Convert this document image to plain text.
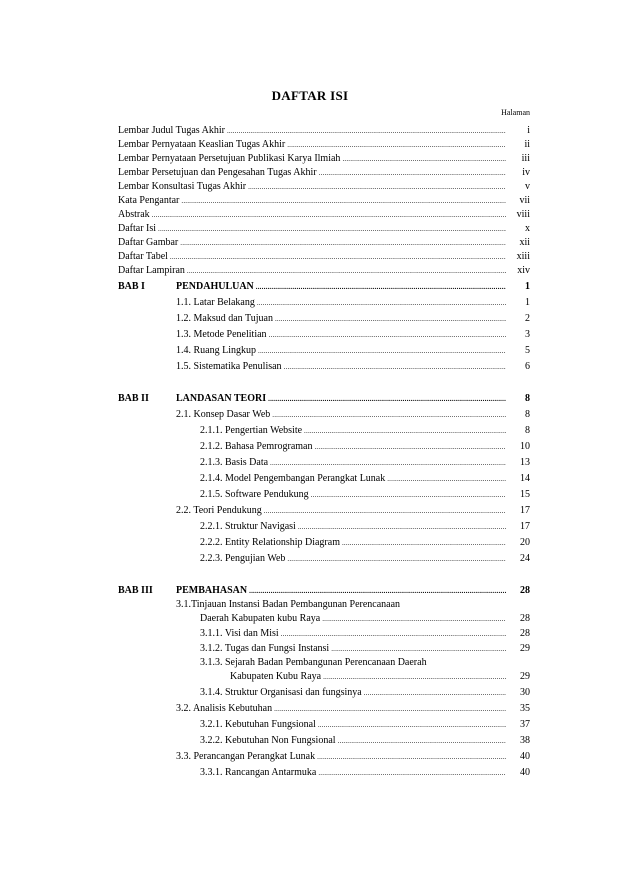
DAFTAR ISI
Halaman
Lembar Judul Tugas Akhir .....	i
Lembar Pernyataan Keaslian Tugas Akhir .....	ii
Lembar Pernyataan Persetujuan Publikasi Karya Ilmiah .....	iii
Lembar Persetujuan dan Pengesahan Tugas Akhir .....	iv
Lembar Konsultasi Tugas Akhir .....	v
Kata Pengantar .....	vii
Abstrak .....	viii
Daftar Isi .....	x
Daftar Gambar .....	xii
Daftar Tabel .....	xiii
Daftar Lampiran .....	xiv
BAB I	PENDAHULUAN .....	1
1.1. Latar Belakang .....	1
1.2. Maksud dan Tujuan .....	2
1.3. Metode Penelitian .....	3
1.4. Ruang Lingkup .....	5
1.5. Sistematika Penulisan .....	6
BAB II	LANDASAN TEORI .....	8
2.1. Konsep Dasar Web .....	8
2.1.1. Pengertian Website .....	8
2.1.2. Bahasa Pemrograman .....	10
2.1.3. Basis Data .....	13
2.1.4. Model Pengembangan Perangkat Lunak .....	14
2.1.5. Software Pendukung .....	15
2.2. Teori Pendukung .....	17
2.2.1. Struktur Navigasi .....	17
2.2.2. Entity Relationship Diagram .....	20
2.2.3. Pengujian Web .....	24
BAB III PEMBAHASAN .....	28
3.1.Tinjauan Instansi Badan Pembangunan Perencanaan
Daerah Kabupaten kubu Raya .....	28
3.1.1. Visi dan Misi .....	28
3.1.2. Tugas dan Fungsi Instansi .....	29
3.1.3. Sejarah Badan Pembangunan Perencanaan Daerah
Kabupaten Kubu Raya .....	29
3.1.4. Struktur Organisasi dan fungsinya .....	30
3.2. Analisis Kebutuhan .....	35
3.2.1. Kebutuhan Fungsional .....	37
3.2.2. Kebutuhan Non Fungsional .....	38
3.3. Perancangan Perangkat Lunak .....	40
3.3.1. Rancangan Antarmuka .....	40
